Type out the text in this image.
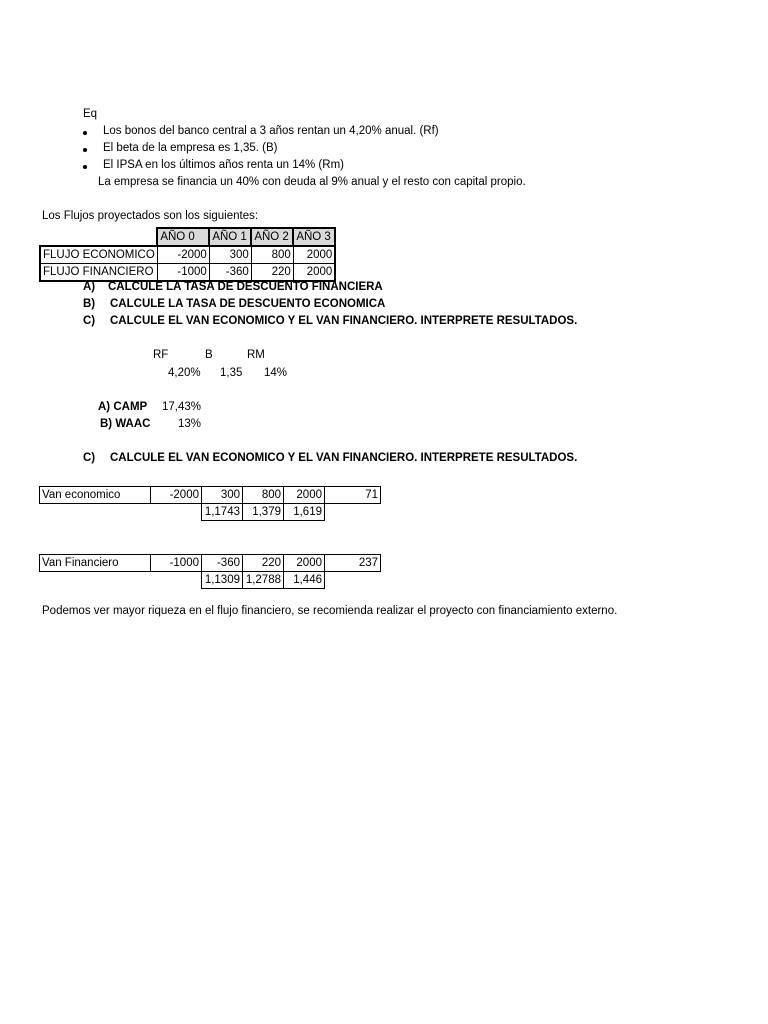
Eq
Los bonos del banco central a 3 años rentan un 4,20% anual. (Rf)
El beta de la empresa es 1,35. (B)
El IPSA en los últimos años renta un 14% (Rm)
La empresa se financia un 40% con deuda al 9% anual y el resto con capital propio.
Los Flujos proyectados son los siguientes:
	AÑO 0	AÑO 1	AÑO 2	AÑO 3
FLUJO ECONOMICO	-2000	300	800	2000
FLUJO FINANCIERO	-1000	-360	220	2000
A) CALCULE LA TASA DE DESCUENTO FINANCIERA
B) CALCULE LA TASA DE DESCUENTO ECONOMICA
C) CALCULE EL VAN ECONOMICO Y EL VAN FINANCIERO. INTERPRETE RESULTADOS.
RF	B	RM
4,20% 1,35 14%
A) CAMP 17,43%
B) WAAC 13%
C) CALCULE EL VAN ECONOMICO Y EL VAN FINANCIERO. INTERPRETE RESULTADOS.
Van economico	-2000	300	800	2000	71
		1,1743	1,379	1,619	
Van Financiero	-1000	-360	220	2000	237
		1,1309	1,2788	1,446	
Podemos ver mayor riqueza en el flujo financiero, se recomienda realizar el proyecto con financiamiento externo.
